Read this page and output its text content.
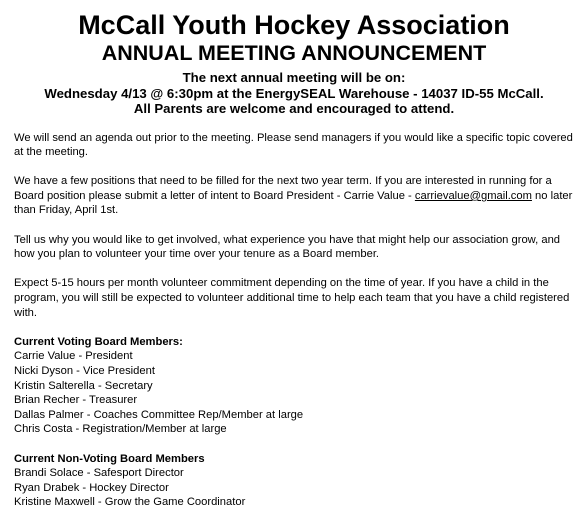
McCall Youth Hockey Association
ANNUAL MEETING ANNOUNCEMENT
The next annual meeting will be on:
Wednesday 4/13 @ 6:30pm at the EnergySEAL Warehouse - 14037 ID-55 McCall.
All Parents are welcome and encouraged to attend.

We will send an agenda out prior to the meeting. Please send managers if you would like a specific topic covered at the meeting.

We have a few positions that need to be filled for the next two year term. If you are interested in running for a Board position please submit a letter of intent to Board President - Carrie Value - carrievalue@gmail.com no later than Friday, April 1st.

Tell us why you would like to get involved, what experience you have that might help our association grow, and how you plan to volunteer your time over your tenure as a Board member.

Expect 5-15 hours per month volunteer commitment depending on the time of year. If you have a child in the program, you will still be expected to volunteer additional time to help each team that you have a child registered with.

Current Voting Board Members:
Carrie Value - President
Nicki Dyson - Vice President
Kristin Salterella - Secretary
Brian Recher - Treasurer
Dallas Palmer - Coaches Committee Rep/Member at large
Chris Costa - Registration/Member at large
Current Non-Voting Board Members
Brandi Solace - Safesport Director
Ryan Drabek - Hockey Director
Kristine Maxwell - Grow the Game Coordinator
